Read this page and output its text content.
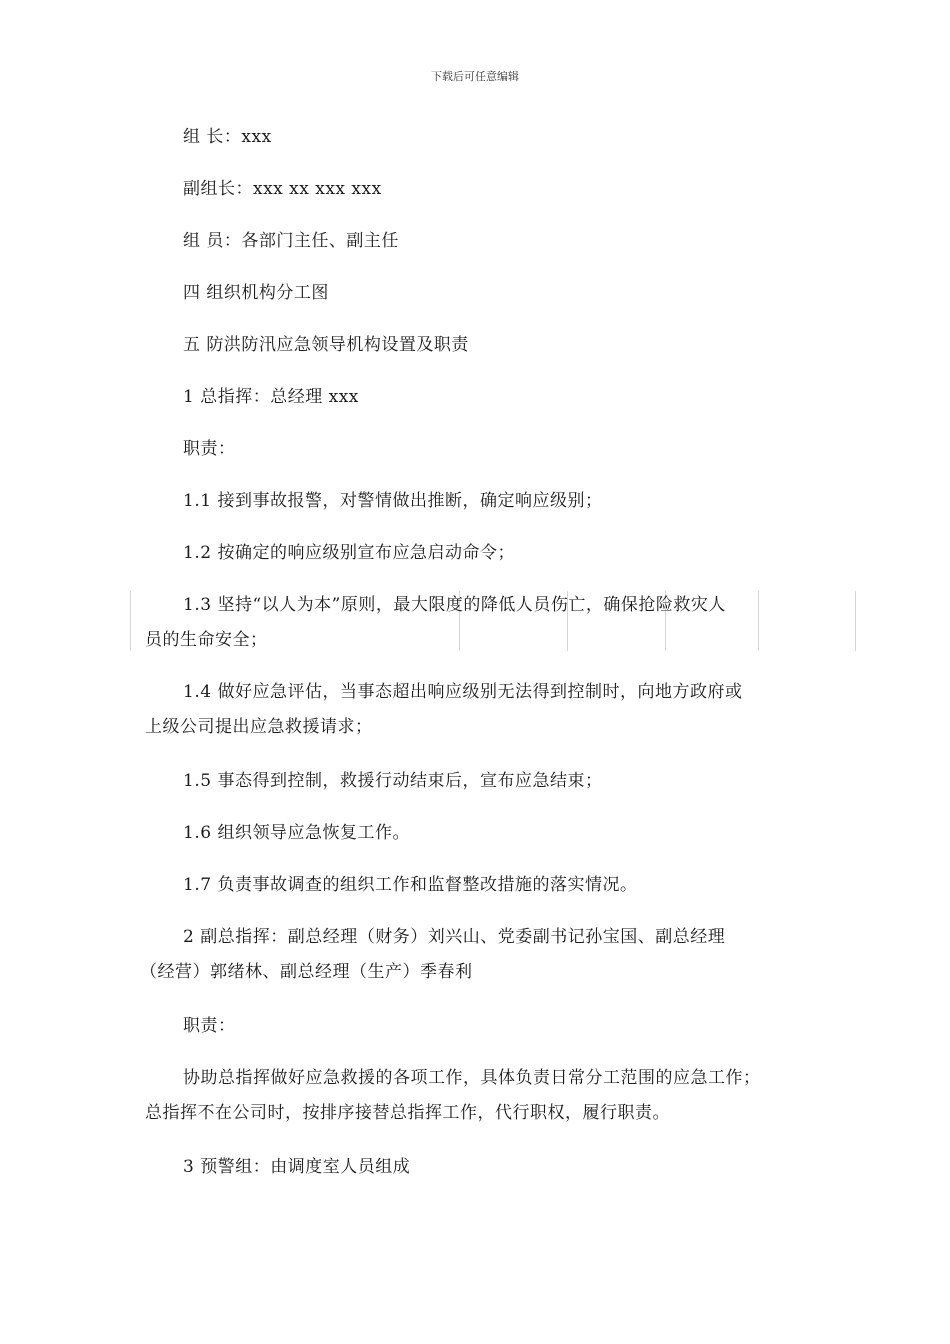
下载后可任意编辑
组 长：xxx
副组长：xxx xx xxx xxx
组 员：各部门主任、副主任
四 组织机构分工图
五 防洪防汛应急领导机构设置及职责
1 总指挥：总经理 xxx
职责：
1.1 接到事故报警，对警情做出推断，确定响应级别；
1.2 按确定的响应级别宣布应急启动命令；
1.3 坚持“以人为本”原则，最大限度的降低人员伤亡，确保抢险救灾人
员的生命安全；
1.4 做好应急评估，当事态超出响应级别无法得到控制时，向地方政府或
上级公司提出应急救援请求；
1.5 事态得到控制，救援行动结束后，宣布应急结束；
1.6 组织领导应急恢复工作。
1.7 负责事故调查的组织工作和监督整改措施的落实情况。
2 副总指挥：副总经理（财务）刘兴山、党委副书记孙宝国、副总经理
（经营）郭绪林、副总经理（生产）季春利
职责：
协助总指挥做好应急救援的各项工作，具体负责日常分工范围的应急工作；
总指挥不在公司时，按排序接替总指挥工作，代行职权，履行职责。
3 预警组：由调度室人员组成
